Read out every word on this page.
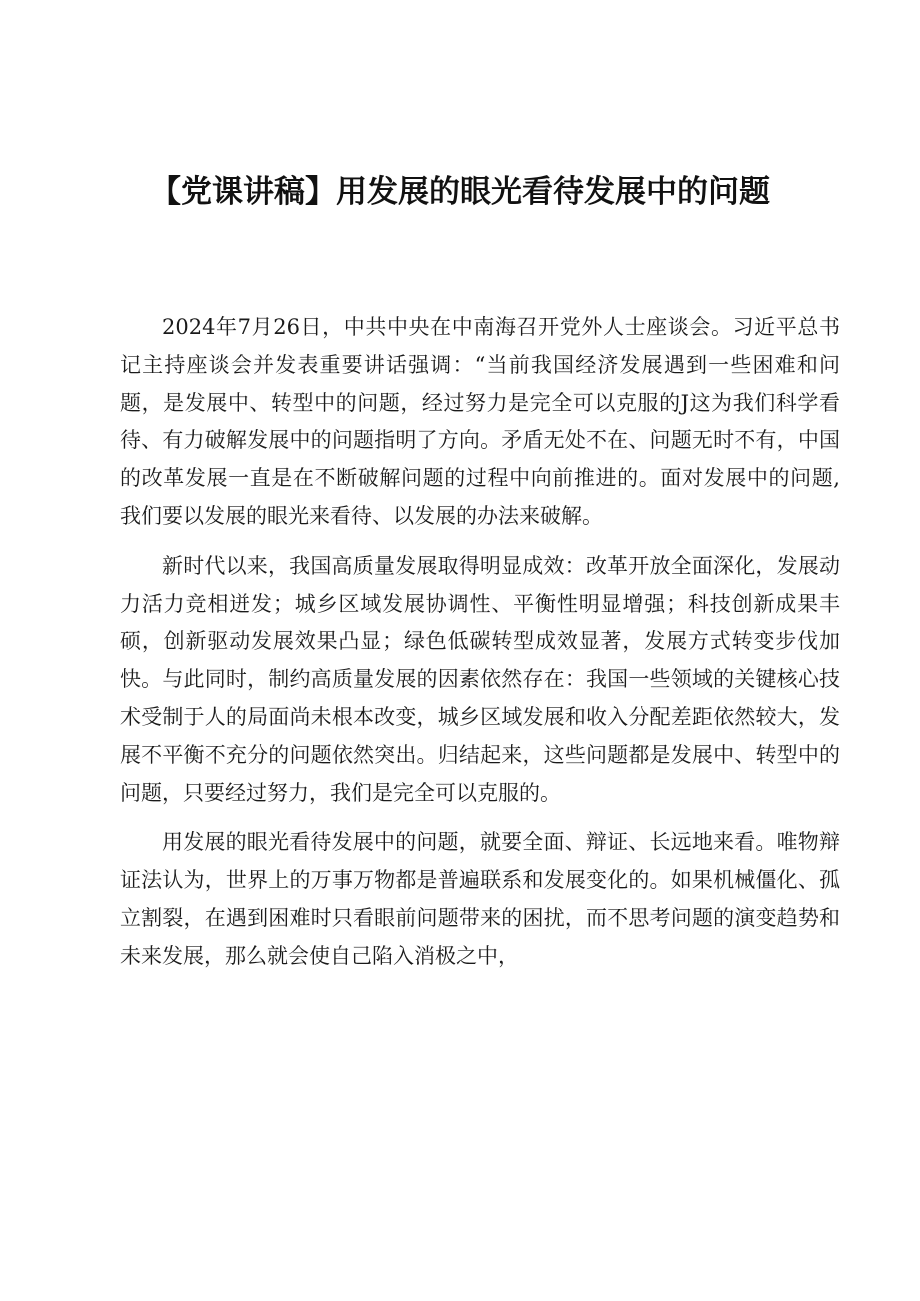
【党课讲稿】用发展的眼光看待发展中的问题

2024年7月26日，中共中央在中南海召开党外人士座谈会。习近平总书记主持座谈会并发表重要讲话强调：“当前我国经济发展遇到一些困难和问题，是发展中、转型中的问题，经过努力是完全可以克服的J这为我们科学看待、有力破解发展中的问题指明了方向。矛盾无处不在、问题无时不有，中国的改革发展一直是在不断破解问题的过程中向前推进的。面对发展中的问题,我们要以发展的眼光来看待、以发展的办法来破解。

新时代以来，我国高质量发展取得明显成效：改革开放全面深化，发展动力活力竞相迸发；城乡区域发展协调性、平衡性明显增强；科技创新成果丰硕，创新驱动发展效果凸显；绿色低碳转型成效显著，发展方式转变步伐加快。与此同时，制约高质量发展的因素依然存在：我国一些领域的关键核心技术受制于人的局面尚未根本改变，城乡区域发展和收入分配差距依然较大，发展不平衡不充分的问题依然突出。归结起来，这些问题都是发展中、转型中的问题，只要经过努力，我们是完全可以克服的。

用发展的眼光看待发展中的问题，就要全面、辩证、长远地来看。唯物辩证法认为，世界上的万事万物都是普遍联系和发展变化的。如果机械僵化、孤立割裂，在遇到困难时只看眼前问题带来的困扰，而不思考问题的演变趋势和未来发展，那么就会使自己陷入消极之中，
